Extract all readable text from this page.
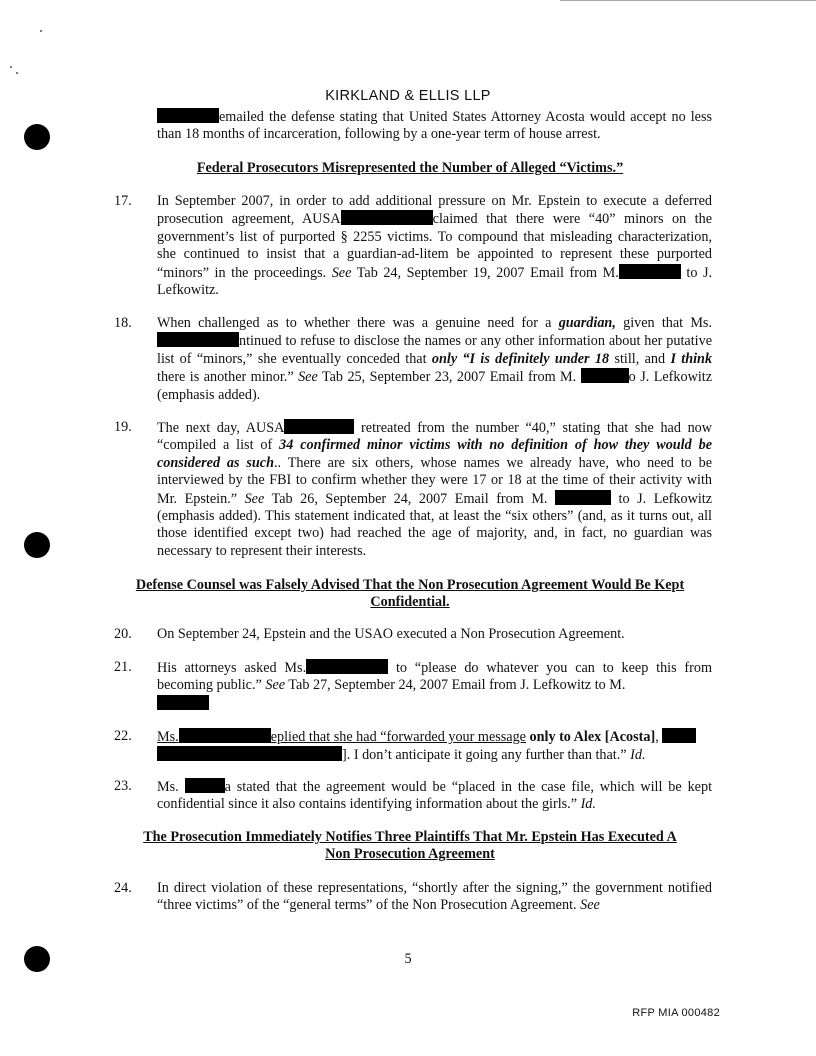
KIRKLAND & ELLIS LLP
emailed the defense stating that United States Attorney Acosta would accept no less than 18 months of incarceration, following by a one-year term of house arrest.
Federal Prosecutors Misrepresented the Number of Alleged “Victims.”
17.	In September 2007, in order to add additional pressure on Mr. Epstein to execute a deferred prosecution agreement, AUSA	claimed that there were “40” minors on the government’s list of purported § 2255 victims. To compound that misleading characterization, she continued to insist that a guardian-ad-litem be appointed to represent these purported “minors” in the proceedings. See Tab 24, September 19, 2007 Email from M.	to J. Lefkowitz.
18.	When challenged as to whether there was a genuine need for a guardian, given that Ms. ntinued to refuse to disclose the names or any other information about her putative list of “minors,” she eventually conceded that only “I is definitely under 18 still, and I think there is another minor.” See Tab 25, September 23, 2007 Email from M.	o J. Lefkowitz (emphasis added).
19.	The next day, AUSA	retreated from the number “40,” stating that she had now “compiled a list of 34 confirmed minor victims with no definition of how they would be considered as such.. There are six others, whose names we already have, who need to be interviewed by the FBI to confirm whether they were 17 or 18 at the time of their activity with Mr. Epstein.” See Tab 26, September 24, 2007 Email from M.	to J. Lefkowitz (emphasis added). This statement indicated that, at least the “six others” (and, as it turns out, all those identified except two) had reached the age of majority, and, in fact, no guardian was necessary to represent their interests.
Defense Counsel was Falsely Advised That the Non Prosecution Agreement Would Be Kept
Confidential.
20.	On September 24, Epstein and the USAO executed a Non Prosecution Agreement.
21.	His attorneys asked Ms.	to “please do whatever you can to keep this from becoming public.” See Tab 27, September 24, 2007 Email from J. Lefkowitz to M.

22.	Ms.	eplied that she had “forwarded your message only to Alex [Acosta],
]. I don’t anticipate it going any further than that.” Id.
23.	Ms.	a stated that the agreement would be “placed in the case file, which will be kept confidential since it also contains identifying information about the girls.” Id.
The Prosecution Immediately Notifies Three Plaintiffs That Mr. Epstein Has Executed A
Non Prosecution Agreement
24.	In direct violation of these representations, “shortly after the signing,” the government notified “three victims” of the “general terms” of the Non Prosecution Agreement. See
5
RFP MIA 000482
